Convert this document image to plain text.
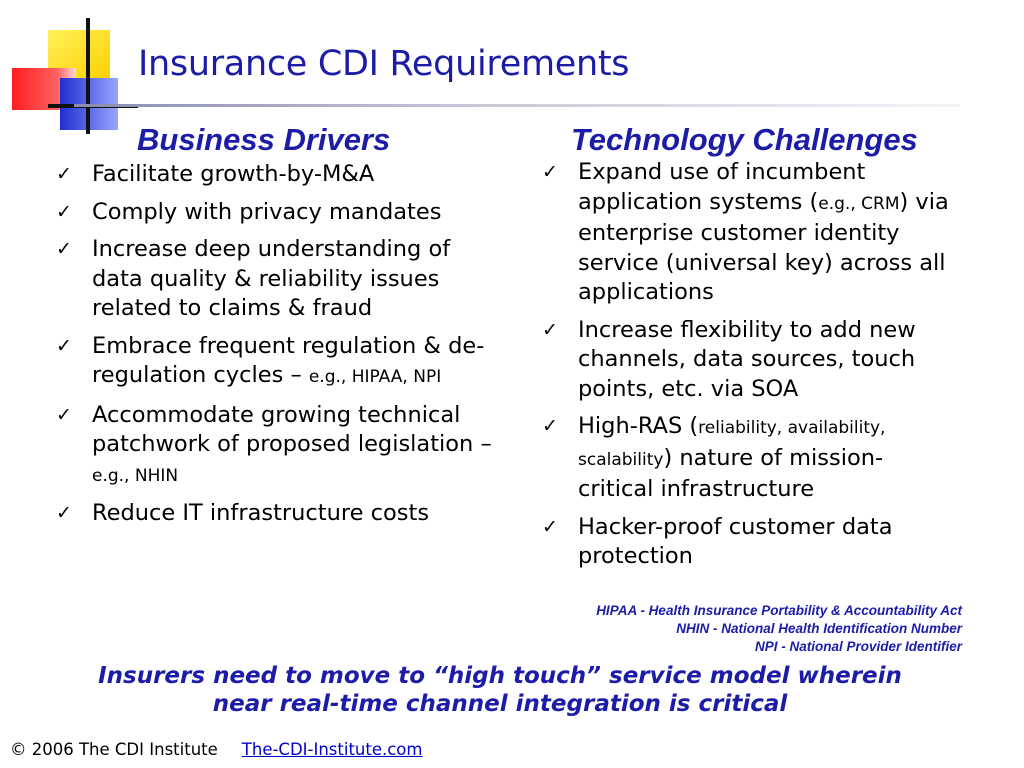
Insurance CDI Requirements
Business Drivers
✓ Facilitate growth-by-M&A
✓ Comply with privacy mandates
✓ Increase deep understanding of data quality & reliability issues related to claims & fraud
✓ Embrace frequent regulation & de-regulation cycles – e.g., HIPAA, NPI
✓ Accommodate growing technical patchwork of proposed legislation – e.g., NHIN
✓ Reduce IT infrastructure costs
Technology Challenges
✓ Expand use of incumbent application systems (e.g., CRM) via enterprise customer identity service (universal key) across all applications
✓ Increase flexibility to add new channels, data sources, touch points, etc. via SOA
✓ High-RAS (reliability, availability, scalability) nature of mission-critical infrastructure
✓ Hacker-proof customer data protection
HIPAA - Health Insurance Portability & Accountability Act
NHIN - National Health Identification Number
NPI - National Provider Identifier
Insurers need to move to “high touch” service model wherein
near real-time channel integration is critical
© 2006 The CDI Institute The-CDI-Institute.com
